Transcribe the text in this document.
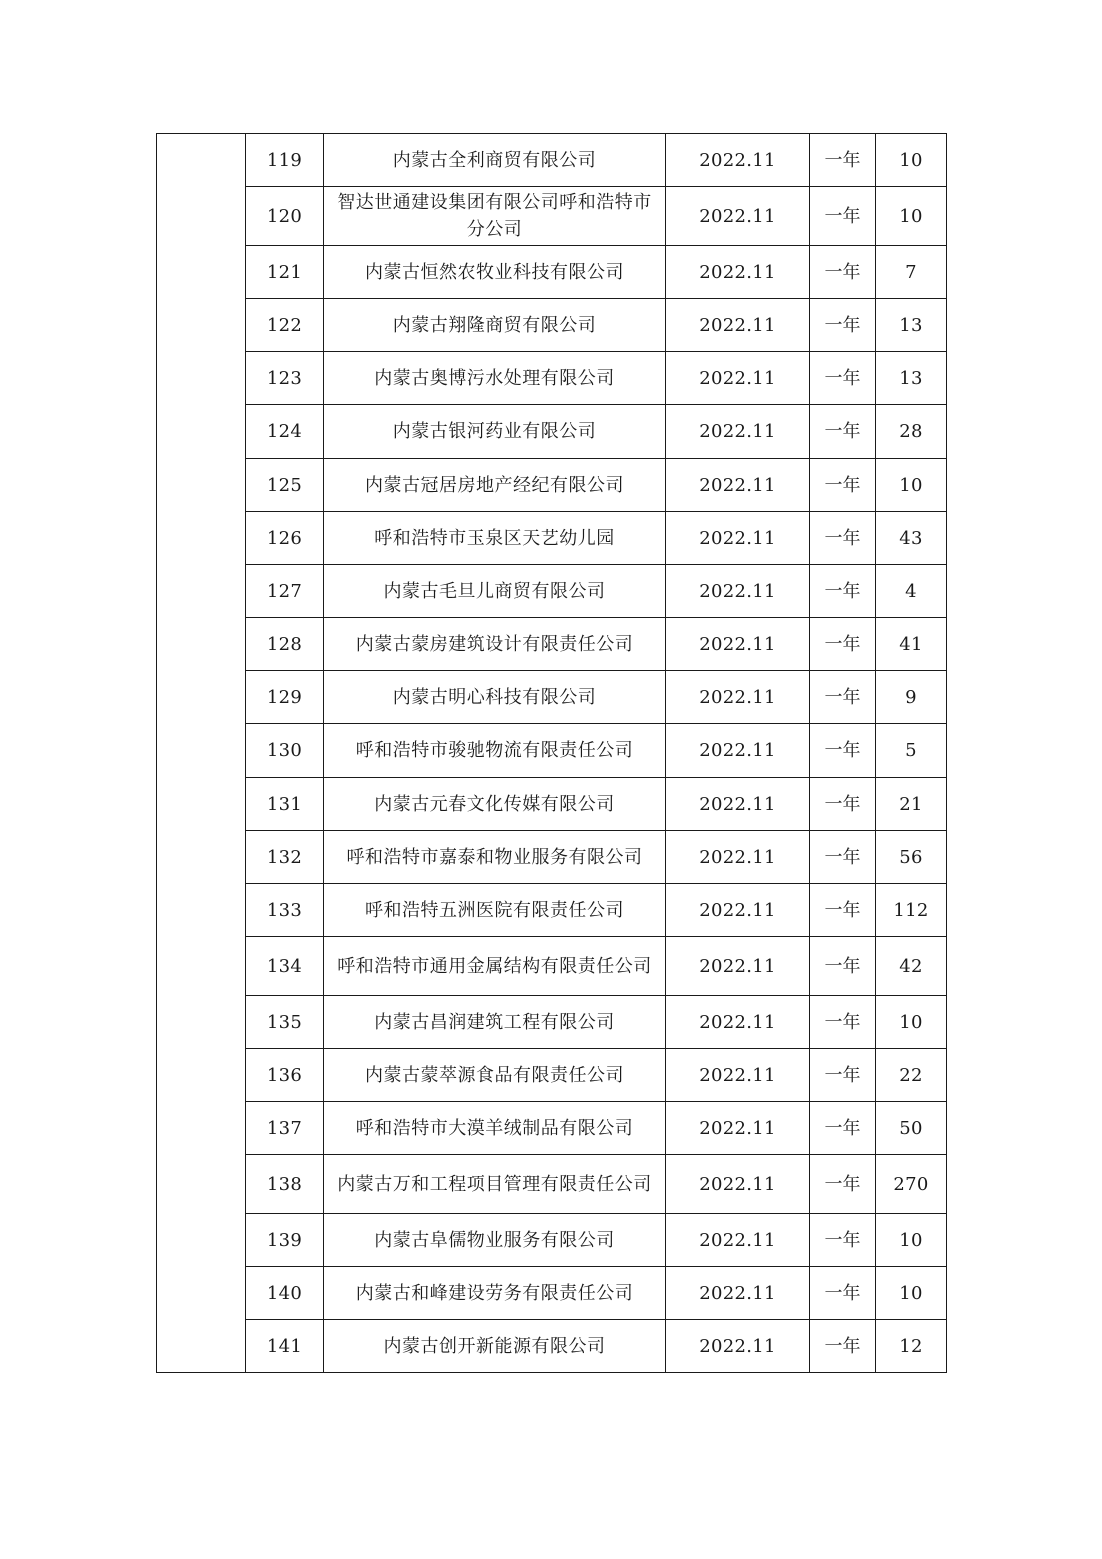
	119	内蒙古全利商贸有限公司	2022.11	一年	10
	120	智达世通建设集团有限公司呼和浩特市分公司	2022.11	一年	10
	121	内蒙古恒然农牧业科技有限公司	2022.11	一年	7
	122	内蒙古翔隆商贸有限公司	2022.11	一年	13
	123	内蒙古奥博污水处理有限公司	2022.11	一年	13
	124	内蒙古银河药业有限公司	2022.11	一年	28
	125	内蒙古冠居房地产经纪有限公司	2022.11	一年	10
	126	呼和浩特市玉泉区天艺幼儿园	2022.11	一年	43
	127	内蒙古毛旦儿商贸有限公司	2022.11	一年	4
	128	内蒙古蒙房建筑设计有限责任公司	2022.11	一年	41
	129	内蒙古明心科技有限公司	2022.11	一年	9
	130	呼和浩特市骏驰物流有限责任公司	2022.11	一年	5
	131	内蒙古元春文化传媒有限公司	2022.11	一年	21
	132	呼和浩特市嘉泰和物业服务有限公司	2022.11	一年	56
	133	呼和浩特五洲医院有限责任公司	2022.11	一年	112
	134	呼和浩特市通用金属结构有限责任公司	2022.11	一年	42
	135	内蒙古昌润建筑工程有限公司	2022.11	一年	10
	136	内蒙古蒙萃源食品有限责任公司	2022.11	一年	22
	137	呼和浩特市大漠羊绒制品有限公司	2022.11	一年	50
	138	内蒙古万和工程项目管理有限责任公司	2022.11	一年	270
	139	内蒙古阜儒物业服务有限公司	2022.11	一年	10
	140	内蒙古和峰建设劳务有限责任公司	2022.11	一年	10
	141	内蒙古创开新能源有限公司	2022.11	一年	12
